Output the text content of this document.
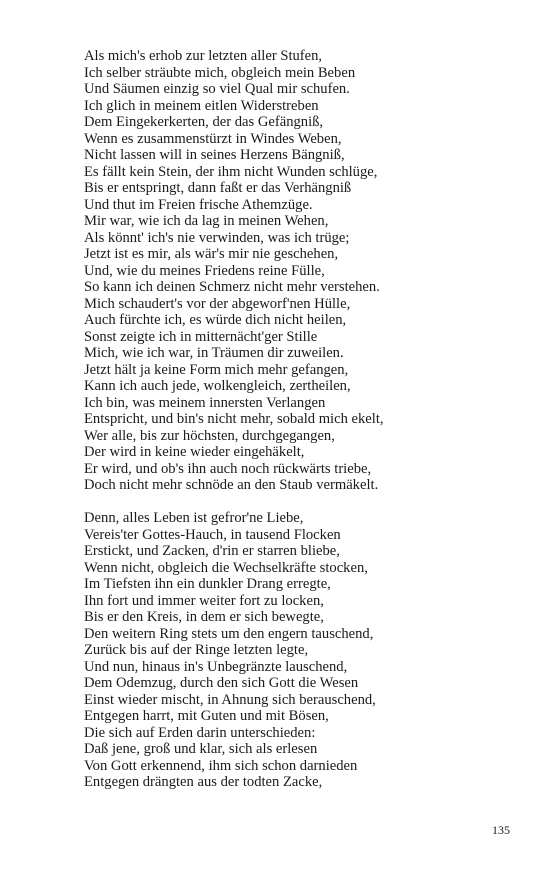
Als mich's erhob zur letzten aller Stufen,
Ich selber sträubte mich, obgleich mein Beben
Und Säumen einzig so viel Qual mir schufen.
Ich glich in meinem eitlen Widerstreben
Dem Eingekerkerten, der das Gefängniß,
Wenn es zusammenstürzt in Windes Weben,
Nicht lassen will in seines Herzens Bängniß,
Es fällt kein Stein, der ihm nicht Wunden schlüge,
Bis er entspringt, dann faßt er das Verhängniß
Und thut im Freien frische Athemzüge.
Mir war, wie ich da lag in meinen Wehen,
Als könnt' ich's nie verwinden, was ich trüge;
Jetzt ist es mir, als wär's mir nie geschehen,
Und, wie du meines Friedens reine Fülle,
So kann ich deinen Schmerz nicht mehr verstehen.
Mich schaudert's vor der abgeworf'nen Hülle,
Auch fürchte ich, es würde dich nicht heilen,
Sonst zeigte ich in mitternächt'ger Stille
Mich, wie ich war, in Träumen dir zuweilen.
Jetzt hält ja keine Form mich mehr gefangen,
Kann ich auch jede, wolkengleich, zertheilen,
Ich bin, was meinem innersten Verlangen
Entspricht, und bin's nicht mehr, sobald mich ekelt,
Wer alle, bis zur höchsten, durchgegangen,
Der wird in keine wieder eingehäkelt,
Er wird, und ob's ihn auch noch rückwärts triebe,
Doch nicht mehr schnöde an den Staub vermäkelt.
Denn, alles Leben ist gefror'ne Liebe,
Vereis'ter Gottes-Hauch, in tausend Flocken
Erstickt, und Zacken, d'rin er starren bliebe,
Wenn nicht, obgleich die Wechselkräfte stocken,
Im Tiefsten ihn ein dunkler Drang erregte,
Ihn fort und immer weiter fort zu locken,
Bis er den Kreis, in dem er sich bewegte,
Den weitern Ring stets um den engern tauschend,
Zurück bis auf der Ringe letzten legte,
Und nun, hinaus in's Unbegränzte lauschend,
Dem Odemzug, durch den sich Gott die Wesen
Einst wieder mischt, in Ahnung sich berauschend,
Entgegen harrt, mit Guten und mit Bösen,
Die sich auf Erden darin unterschieden:
Daß jene, groß und klar, sich als erlesen
Von Gott erkennend, ihm sich schon darnieden
Entgegen drängten aus der todten Zacke,
135
